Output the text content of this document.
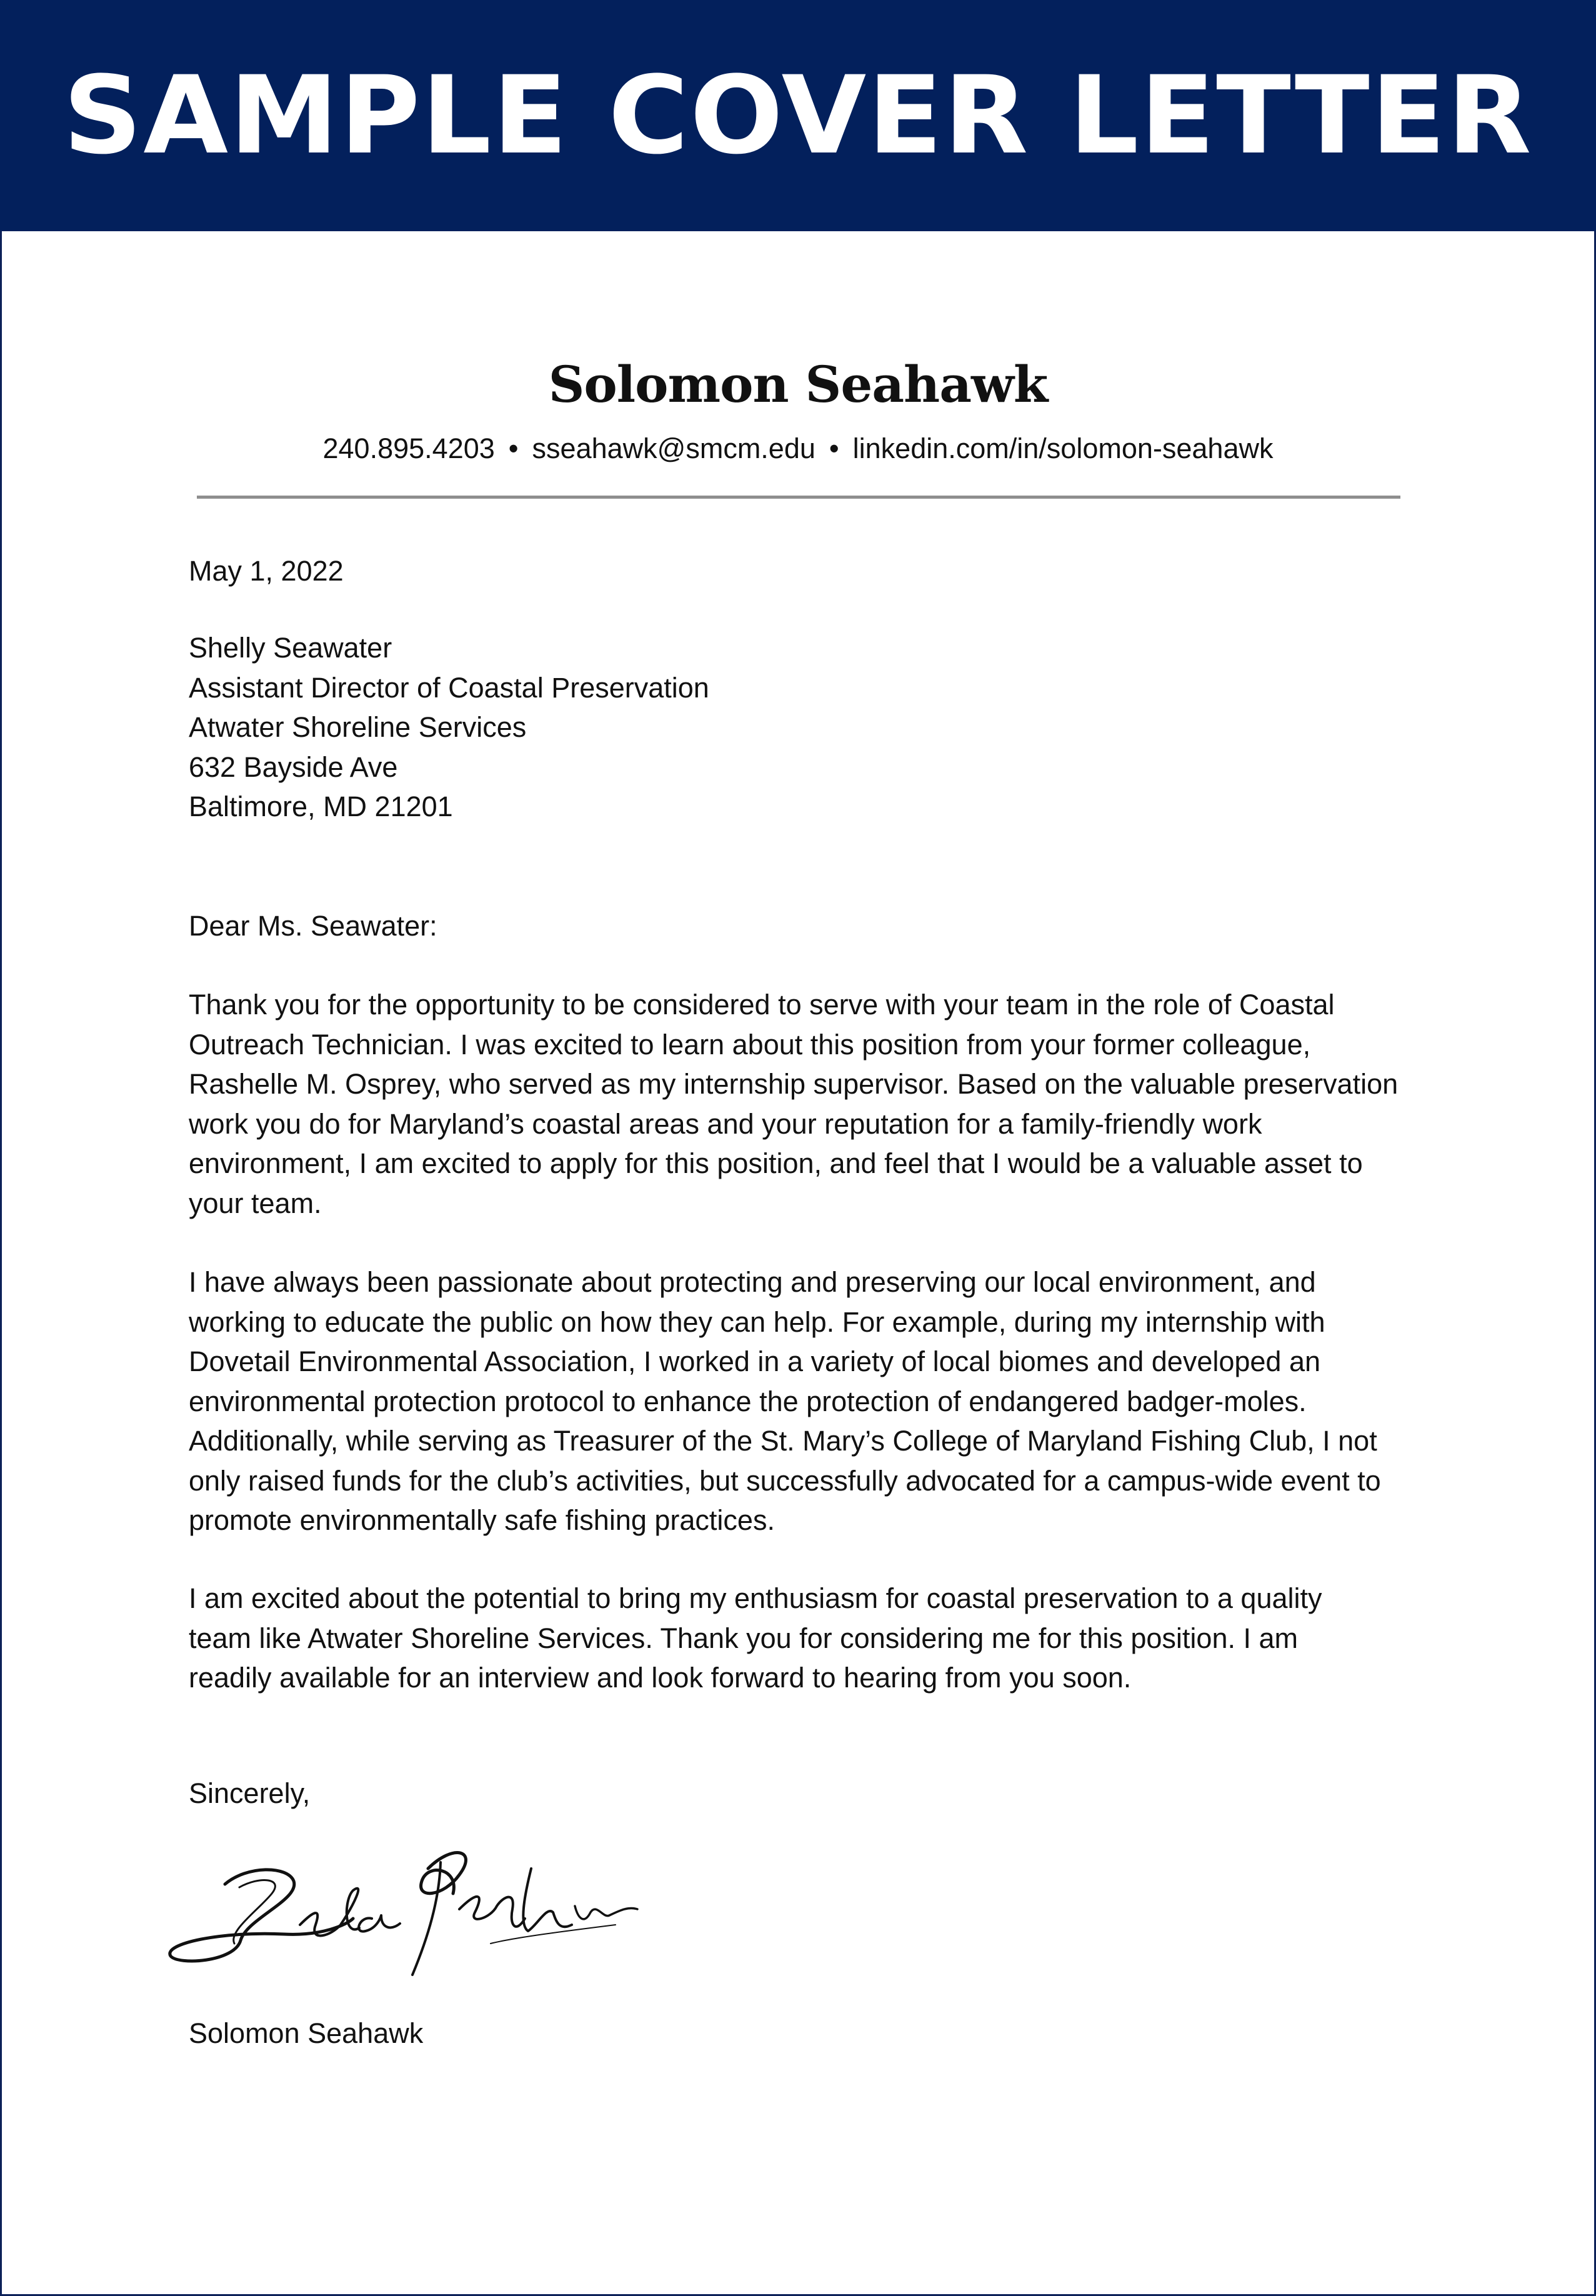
SAMPLE COVER LETTER
Solomon Seahawk
240.895.4203 • sseahawk@smcm.edu • linkedin.com/in/solomon-seahawk
May 1, 2022
Shelly Seawater
Assistant Director of Coastal Preservation
Atwater Shoreline Services
632 Bayside Ave
Baltimore, MD 21201
Dear Ms. Seawater:
Thank you for the opportunity to be considered to serve with your team in the role of Coastal
Outreach Technician. I was excited to learn about this position from your former colleague,
Rashelle M. Osprey, who served as my internship supervisor. Based on the valuable preservation
work you do for Maryland’s coastal areas and your reputation for a family-friendly work
environment, I am excited to apply for this position, and feel that I would be a valuable asset to
your team.
I have always been passionate about protecting and preserving our local environment, and
working to educate the public on how they can help. For example, during my internship with
Dovetail Environmental Association, I worked in a variety of local biomes and developed an
environmental protection protocol to enhance the protection of endangered badger-moles.
Additionally, while serving as Treasurer of the St. Mary’s College of Maryland Fishing Club, I not
only raised funds for the club’s activities, but successfully advocated for a campus-wide event to
promote environmentally safe fishing practices.
I am excited about the potential to bring my enthusiasm for coastal preservation to a quality
team like Atwater Shoreline Services. Thank you for considering me for this position. I am
readily available for an interview and look forward to hearing from you soon.
Sincerely,
Solomon Seahawk
